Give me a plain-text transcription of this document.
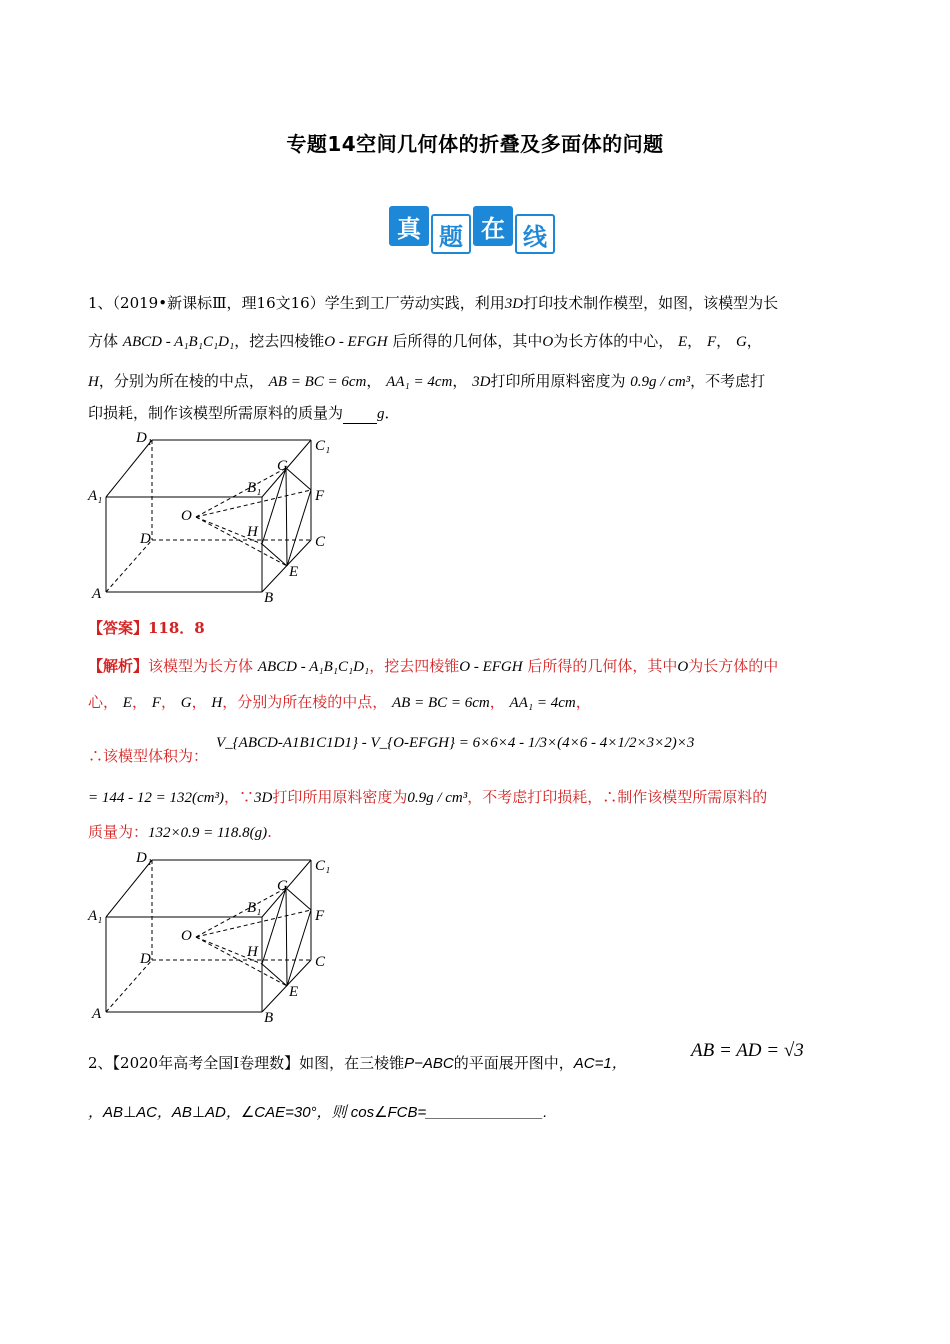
专题14空间几何体的折叠及多面体的问题
真 题 在 线
1、（2019•新课标Ⅲ，理16文16）学生到工厂劳动实践，利用3D打印技术制作模型，如图，该模型为长
方体 ABCD - A₁B₁C₁D₁，挖去四棱锥O - EFGH 后所得的几何体，其中O为长方体的中心， E， F， G，
H，分别为所在棱的中点， AB = BC = 6cm， AA₁ = 4cm， 3D打印所用原料密度为 0.9g / cm³，不考虑打
印损耗，制作该模型所需原料的质量为 g．
D₁	C₁
A₁	B₁
G
F
O
H
D	C
E
A	B
【答案】118．8
【解析】该模型为长方体 ABCD - A₁B₁C₁D₁，挖去四棱锥O - EFGH 后所得的几何体，其中O为长方体的中
心， E， F， G， H，分别为所在棱的中点， AB = BC = 6cm， AA₁ = 4cm，
∴该模型体积为：
V_{ABCD-A1B1C1D1} - V_{O-EFGH} = 6×6×4 - 1/3×(4×6 - 4×1/2×3×2)×3
= 144 - 12 = 132(cm³)，∵3D打印所用原料密度为0.9g / cm³，不考虑打印损耗，∴制作该模型所需原料的
质量为：132×0.9 = 118.8(g).
D₁	C₁
A₁	B₁
G
F
O
H
D	C
E
A	B
2、【2020年高考全国Ⅰ卷理数】如图，在三棱锥P−ABC的平面展开图中，AC=1，
AB = AD = √3
，AB⊥AC，AB⊥AD，∠CAE=30°，则 cos∠FCB=______________.
